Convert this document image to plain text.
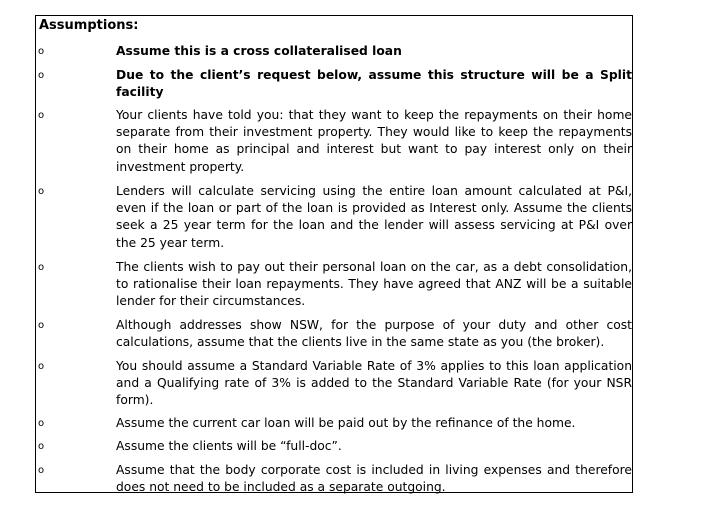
Assumptions:
o	Assume this is a cross collateralised loan
o	Due to the client’s request below, assume this structure will be a Split facility
o	Your clients have told you: that they want to keep the repayments on their home separate from their investment property. They would like to keep the repayments on their home as principal and interest but want to pay interest only on their investment property.
o	Lenders will calculate servicing using the entire loan amount calculated at P&I, even if the loan or part of the loan is provided as Interest only. Assume the clients seek a 25 year term for the loan and the lender will assess servicing at P&I over the 25 year term.
o	The clients wish to pay out their personal loan on the car, as a debt consolidation, to rationalise their loan repayments. They have agreed that ANZ will be a suitable lender for their circumstances.
o	Although addresses show NSW, for the purpose of your duty and other cost calculations, assume that the clients live in the same state as you (the broker).
o	You should assume a Standard Variable Rate of 3% applies to this loan application and a Qualifying rate of 3% is added to the Standard Variable Rate (for your NSR form).
o	Assume the current car loan will be paid out by the refinance of the home.
o	Assume the clients will be “full-doc”.
o	Assume that the body corporate cost is included in living expenses and therefore does not need to be included as a separate outgoing.
